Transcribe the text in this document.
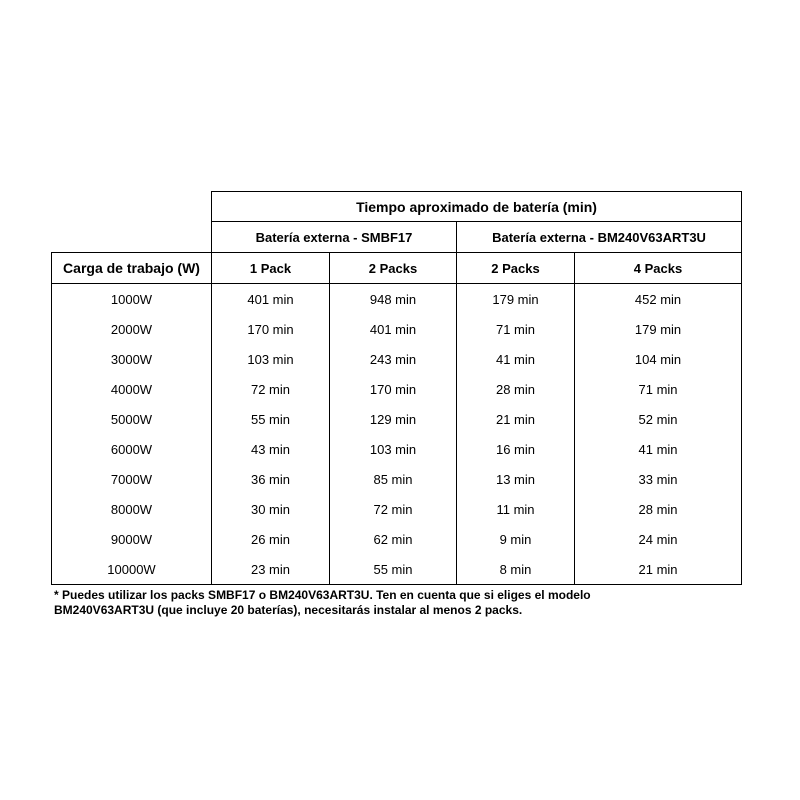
	Tiempo aproximado de batería (min)			
	Batería externa - SMBF17		Batería externa - BM240V63ART3U	
Carga de trabajo (W)	1 Pack	2 Packs	2 Packs	4 Packs
1000W	401 min	948 min	179 min	452 min
2000W	170 min	401 min	71 min	179 min
3000W	103 min	243 min	41 min	104 min
4000W	72 min	170 min	28 min	71 min
5000W	55 min	129 min	21 min	52 min
6000W	43 min	103 min	16 min	41 min
7000W	36 min	85 min	13 min	33 min
8000W	30 min	72 min	11 min	28 min
9000W	26 min	62 min	9 min	24 min
10000W	23 min	55 min	8 min	21 min
* Puedes utilizar los packs SMBF17 o BM240V63ART3U. Ten en cuenta que si eliges el modelo
BM240V63ART3U (que incluye 20 baterías), necesitarás instalar al menos 2 packs.
